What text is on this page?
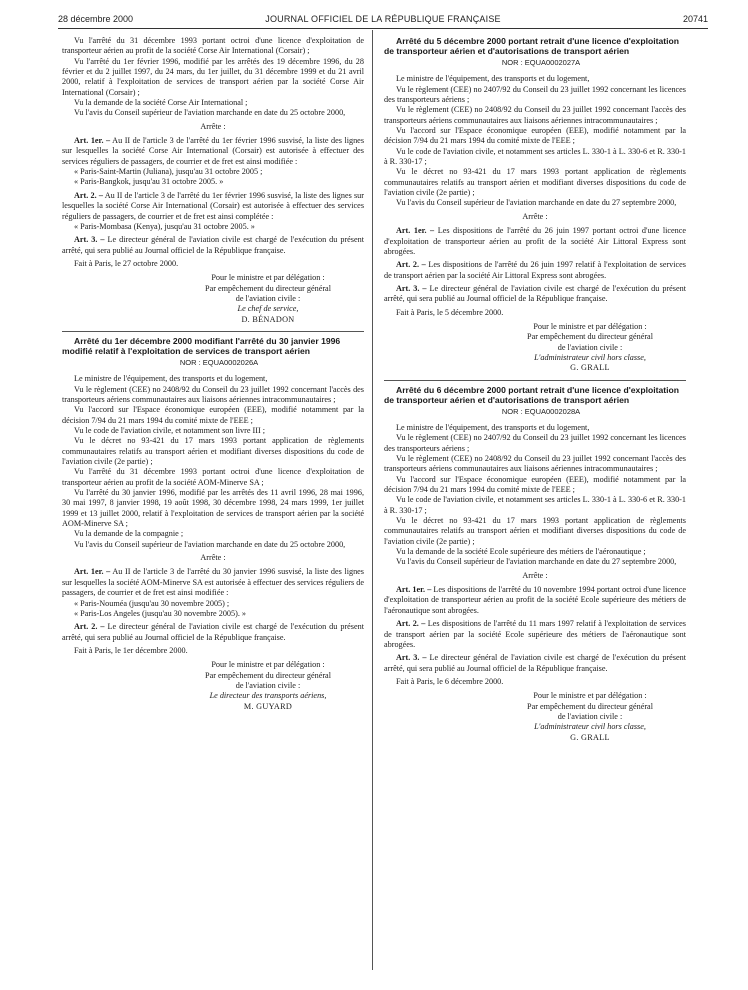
28 décembre 2000	JOURNAL OFFICIEL DE LA RÉPUBLIQUE FRANÇAISE	20741

Vu l'arrêté du 31 décembre 1993 portant octroi d'une licence d'exploitation de transporteur aérien au profit de la société Corse Air International (Corsair) ;

Vu l'arrêté du 1er février 1996, modifié par les arrêtés des 19 décembre 1996, du 28 février et du 2 juillet 1997, du 24 mars, du 1er juillet, du 31 décembre 1999 et du 21 avril 2000, relatif à l'exploitation de services de transport aérien par la société Corse Air International (Corsair) ;

Vu la demande de la société Corse Air International ;

Vu l'avis du Conseil supérieur de l'aviation marchande en date du 25 octobre 2000,

Arrête :

Art. 1er. – Au II de l'article 3 de l'arrêté du 1er février 1996 susvisé, la liste des lignes sur lesquelles la société Corse Air International (Corsair) est autorisée à effectuer des services réguliers de passagers, de courrier et de fret est ainsi modifiée :

« Paris-Saint-Martin (Juliana), jusqu'au 31 octobre 2005 ;

« Paris-Bangkok, jusqu'au 31 octobre 2005. »

Art. 2. – Au II de l'article 3 de l'arrêté du 1er février 1996 susvisé, la liste des lignes sur lesquelles la société Corse Air International (Corsair) est autorisée à effectuer des services réguliers de passagers, de courrier et de fret est ainsi complétée :

« Paris-Mombasa (Kenya), jusqu'au 31 octobre 2005. »

Art. 3. – Le directeur général de l'aviation civile est chargé de l'exécution du présent arrêté, qui sera publié au Journal officiel de la République française.

Fait à Paris, le 27 octobre 2000.

Pour le ministre et par délégation :

Par empêchement du directeur général

de l'aviation civile :

Le chef de service,

D. BÉNADON

Arrêté du 1er décembre 2000 modifiant l'arrêté du 30 janvier 1996 modifié relatif à l'exploitation de services de transport aérien

NOR : EQUA0002026A

Le ministre de l'équipement, des transports et du logement,

Vu le règlement (CEE) no 2408/92 du Conseil du 23 juillet 1992 concernant l'accès des transporteurs aériens communautaires aux liaisons aériennes intracommunautaires ;

Vu l'accord sur l'Espace économique européen (EEE), modifié notamment par la décision 7/94 du 21 mars 1994 du comité mixte de l'EEE ;

Vu le code de l'aviation civile, et notamment son livre III ;

Vu le décret no 93-421 du 17 mars 1993 portant application de règlements communautaires relatifs au transport aérien et modifiant diverses dispositions du code de l'aviation civile (2e partie) ;

Vu l'arrêté du 31 décembre 1993 portant octroi d'une licence d'exploitation de transporteur aérien au profit de la société AOM-Minerve SA ;

Vu l'arrêté du 30 janvier 1996, modifié par les arrêtés des 11 avril 1996, 28 mai 1996, 30 mai 1997, 8 janvier 1998, 19 août 1998, 30 décembre 1998, 24 mars 1999, 1er juillet 1999 et 13 juillet 2000, relatif à l'exploitation de services de transport aérien par la société AOM-Minerve SA ;

Vu la demande de la compagnie ;

Vu l'avis du Conseil supérieur de l'aviation marchande en date du 25 octobre 2000,

Arrête :

Art. 1er. – Au II de l'article 3 de l'arrêté du 30 janvier 1996 susvisé, la liste des lignes sur lesquelles la société AOM-Minerve SA est autorisée à effectuer des services réguliers de passagers, de courrier et de fret est ainsi modifiée :

« Paris-Nouméa (jusqu'au 30 novembre 2005) ;

« Paris-Los Angeles (jusqu'au 30 novembre 2005). »

Art. 2. – Le directeur général de l'aviation civile est chargé de l'exécution du présent arrêté, qui sera publié au Journal officiel de la République française.

Fait à Paris, le 1er décembre 2000.

Pour le ministre et par délégation :

Par empêchement du directeur général

de l'aviation civile :

Le directeur des transports aériens,

M. GUYARD

Arrêté du 5 décembre 2000 portant retrait d'une licence d'exploitation de transporteur aérien et d'autorisations de transport aérien

NOR : EQUA0002027A

Le ministre de l'équipement, des transports et du logement,

Vu le règlement (CEE) no 2407/92 du Conseil du 23 juillet 1992 concernant les licences des transporteurs aériens ;

Vu le règlement (CEE) no 2408/92 du Conseil du 23 juillet 1992 concernant l'accès des transporteurs aériens communautaires aux liaisons aériennes intracommunautaires ;

Vu l'accord sur l'Espace économique européen (EEE), modifié notamment par la décision 7/94 du 21 mars 1994 du comité mixte de l'EEE ;

Vu le code de l'aviation civile, et notamment ses articles L. 330-1 à L. 330-6 et R. 330-1 à R. 330-17 ;

Vu le décret no 93-421 du 17 mars 1993 portant application de règlements communautaires relatifs au transport aérien et modifiant diverses dispositions du code de l'aviation civile (2e partie) ;

Vu l'avis du Conseil supérieur de l'aviation marchande en date du 27 septembre 2000,

Arrête :

Art. 1er. – Les dispositions de l'arrêté du 26 juin 1997 portant octroi d'une licence d'exploitation de transporteur aérien au profit de la société Air Littoral Express sont abrogées.

Art. 2. – Les dispositions de l'arrêté du 26 juin 1997 relatif à l'exploitation de services de transport aérien par la société Air Littoral Express sont abrogées.

Art. 3. – Le directeur général de l'aviation civile est chargé de l'exécution du présent arrêté, qui sera publié au Journal officiel de la République française.

Fait à Paris, le 5 décembre 2000.

Pour le ministre et par délégation :

Par empêchement du directeur général

de l'aviation civile :

L'administrateur civil hors classe,

G. GRALL

Arrêté du 6 décembre 2000 portant retrait d'une licence d'exploitation de transporteur aérien et d'autorisations de transport aérien

NOR : EQUA0002028A

Le ministre de l'équipement, des transports et du logement,

Vu le règlement (CEE) no 2407/92 du Conseil du 23 juillet 1992 concernant les licences des transporteurs aériens ;

Vu le règlement (CEE) no 2408/92 du Conseil du 23 juillet 1992 concernant l'accès des transporteurs aériens communautaires aux liaisons aériennes intracommunautaires ;

Vu l'accord sur l'Espace économique européen (EEE), modifié notamment par la décision 7/94 du 21 mars 1994 du comité mixte de l'EEE ;

Vu le code de l'aviation civile, et notamment ses articles L. 330-1 à L. 330-6 et R. 330-1 à R. 330-17 ;

Vu le décret no 93-421 du 17 mars 1993 portant application de règlements communautaires relatifs au transport aérien et modifiant diverses dispositions du code de l'aviation civile (2e partie) ;

Vu la demande de la société Ecole supérieure des métiers de l'aéronautique ;

Vu l'avis du Conseil supérieur de l'aviation marchande en date du 27 septembre 2000,

Arrête :

Art. 1er. – Les dispositions de l'arrêté du 10 novembre 1994 portant octroi d'une licence d'exploitation de transporteur aérien au profit de la société Ecole supérieure des métiers de l'aéronautique sont abrogées.

Art. 2. – Les dispositions de l'arrêté du 11 mars 1997 relatif à l'exploitation de services de transport aérien par la société Ecole supérieure des métiers de l'aéronautique sont abrogées.

Art. 3. – Le directeur général de l'aviation civile est chargé de l'exécution du présent arrêté, qui sera publié au Journal officiel de la République française.

Fait à Paris, le 6 décembre 2000.

Pour le ministre et par délégation :

Par empêchement du directeur général

de l'aviation civile :

L'administrateur civil hors classe,

G. GRALL
